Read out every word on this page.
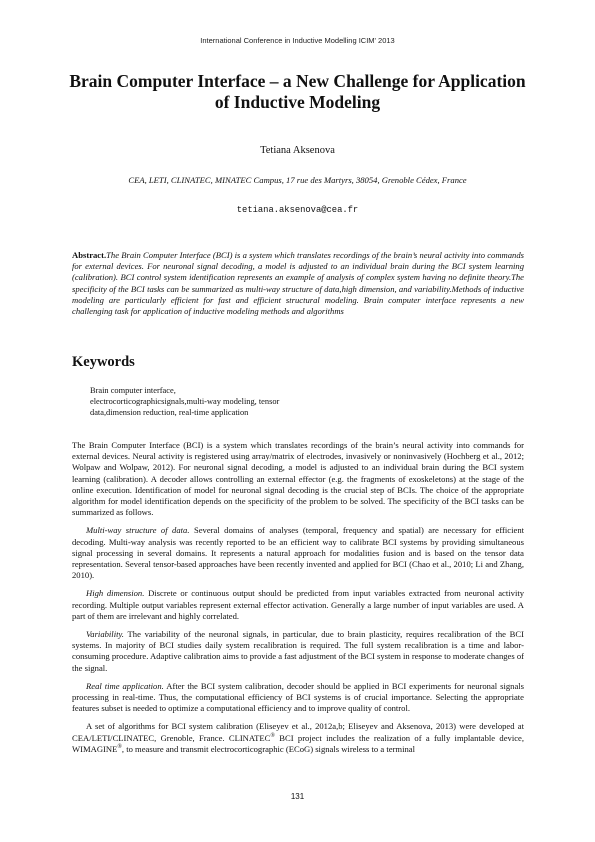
International Conference in Inductive Modelling ICIM' 2013
Brain Computer Interface – a New Challenge for Application of Inductive Modeling
Tetiana Aksenova
CEA, LETI, CLINATEC, MINATEC Campus, 17 rue des Martyrs, 38054, Grenoble Cédex, France
tetiana.aksenova@cea.fr

Abstract.The Brain Computer Interface (BCI) is a system which translates recordings of the brain’s neural activity into commands for external devices. For neuronal signal decoding, a model is adjusted to an individual brain during the BCI system learning (calibration). BCI control system identification represents an example of analysis of complex system having no definite theory.The specificity of the BCI tasks can be summarized as multi-way structure of data,high dimension, and variability.Methods of inductive modeling are particularly efficient for fast and efficient structural modeling. Brain computer interface represents a new challenging task for application of inductive modeling methods and algorithms

Keywords
Brain computer interface,
electrocorticographicsignals,multi-way modeling, tensor
data,dimension reduction, real-time application

The Brain Computer Interface (BCI) is a system which translates recordings of the brain’s neural activity into commands for external devices. Neural activity is registered using array/matrix of electrodes, invasively or noninvasively (Hochberg et al., 2012; Wolpaw and Wolpaw, 2012). For neuronal signal decoding, a model is adjusted to an individual brain during the BCI system learning (calibration). A decoder allows controlling an external effector (e.g. the fragments of exoskeletons) at the stage of the online execution. Identification of model for neuronal signal decoding is the crucial step of BCIs. The choice of the appropriate algorithm for model identification depends on the specificity of the problem to be solved. The specificity of the BCI tasks can be summarized as follows.

Multi-way structure of data. Several domains of analyses (temporal, frequency and spatial) are necessary for efficient decoding. Multi-way analysis was recently reported to be an efficient way to calibrate BCI systems by providing simultaneous signal processing in several domains. It represents a natural approach for modalities fusion and is based on the tensor data representation. Several tensor-based approaches have been recently invented and applied for BCI (Chao et al., 2010; Li and Zhang, 2010).

High dimension. Discrete or continuous output should be predicted from input variables extracted from neuronal activity recording. Multiple output variables represent external effector activation. Generally a large number of input variables are used. A part of them are irrelevant and highly correlated.

Variability. The variability of the neuronal signals, in particular, due to brain plasticity, requires recalibration of the BCI systems. In majority of BCI studies daily system recalibration is required. The full system recalibration is a time and labor-consuming procedure. Adaptive calibration aims to provide a fast adjustment of the BCI system in response to moderate changes of the signal.

Real time application. After the BCI system calibration, decoder should be applied in BCI experiments for neuronal signals processing in real-time. Thus, the computational efficiency of BCI systems is of crucial importance. Selecting the appropriate features subset is needed to optimize a computational efficiency and to improve quality of control.

A set of algorithms for BCI system calibration (Eliseyev et al., 2012a,b; Eliseyev and Aksenova, 2013) were developed at CEA/LETI/CLINATEC, Grenoble, France. CLINATEC® BCI project includes the realization of a fully implantable device, WIMAGINE®, to measure and transmit electrocorticographic (ECoG) signals wireless to a terminal

131
